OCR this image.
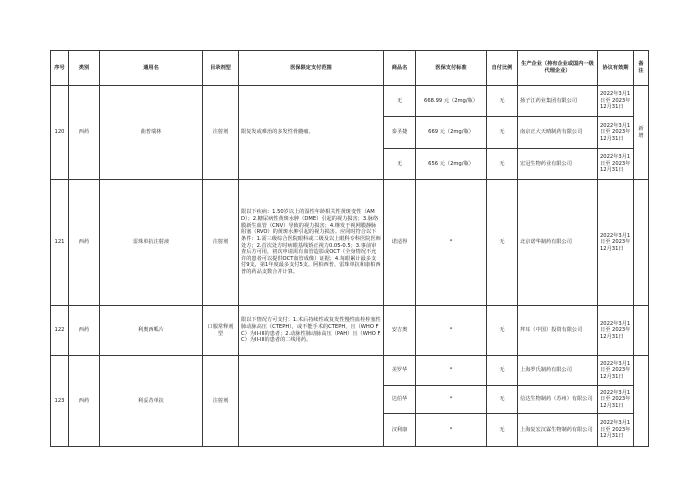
序号	类别	通用名	目录剂型	医保限定支付范围	商品名	医保支付标准	自付比例	生产企业（持有企业或国内一级代理企业）	协议有效期	备注
120	西药	曲普瑞林	注射剂	限复发或难治的多发性骨髓瘤。	无	668.99 元（2mg/瓶）	无	扬子江药业集团有限公司	2022年3月1日至 2023年12月31日	新增
					泰圣捷	669 元（2mg/瓶）	无	南京正大天晴制药有限公司	2022年3月1日至 2023年12月31日	
					无	656 元（2mg/瓶）	无	宏冠生物药业有限公司	2022年3月1日至 2023年12月31日	
121	西药	雷珠单抗注射液	注射剂	限以下疾病：1.50岁以上的湿性年龄相关性黄斑变性（AMD）；2.糖尿病性黄斑水肿（DME）引起的视力损害；3.脉络膜新生血管（CNV）导致的视力损害；4.继发于视网膜静脉阻塞（RVO）的黄斑水肿引起的视力损害。应同时符合以下条件：1.需三级综合医院眼科或二级及以上眼科专科医院医师处方；2.首次处方时病眼基线矫正视力0.05-0.5；3.事前审查后方可用，初次申请需有血管造影或OCT（全身情况不允许的患者可以提供OCT血管成像）证据；4.每眼累计最多支付9支，第1年度最多支付5支。阿柏西普、雷珠单抗和康柏西普的药品支数合并计算。	诺适得	*	无	北京诺华制药有限公司	2022年3月1日至 2023年12月31日	
122	西药	利奥西呱片	口服常释剂型	限以下情况方可支付：1.术后持续性或复发性慢性血栓栓塞性肺动脉高压（CTEPH），或不能手术的CTEPH，且（WHO FC）为II-III的患者；2.动脉性肺动脉高压（PAH）且（WHO FC）为II-III的患者的二线用药。	安吉奥	*	无	拜耳（中国）投资有限公司	2022年3月1日至 2023年12月31日	
123	西药	利妥昔单抗	注射剂		美罗华	*	无	上海罗氏制药有限公司	2022年3月1日至 2023年12月31日	
					达伯华	*	无	信达生物制药（苏州）有限公司	2022年3月1日至 2023年12月31日	
					汉利康	*	无	上海复宏汉霖生物制药有限公司	2022年3月1日至 2023年12月31日	
